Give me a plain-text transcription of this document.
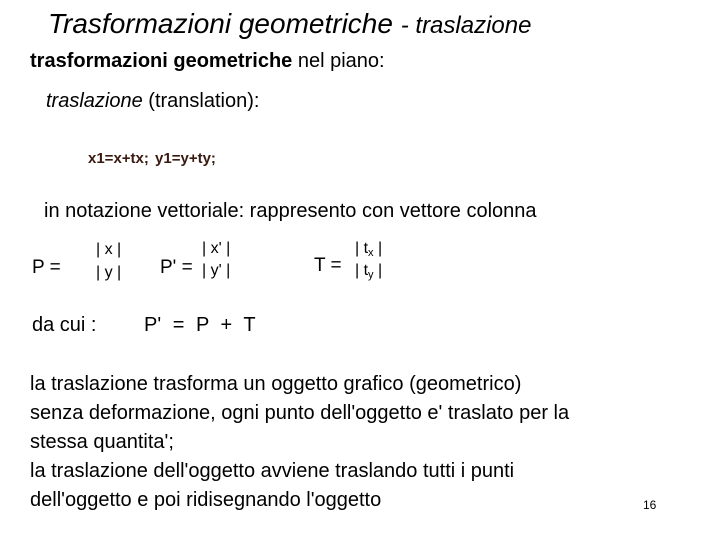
Trasformazioni geometriche - traslazione
trasformazioni geometriche nel piano:
traslazione (translation):
x1=x+tx; y1=y+ty;
in notazione vettoriale: rappresento con vettore colonna
P =
| x |
| y | P' =
| x' |
| y' |	T =
| tx |
| ty |
da cui : P' = P + T
la traslazione trasforma un oggetto grafico (geometrico)
senza deformazione, ogni punto dell'oggetto e' traslato per la
stessa quantita';
la traslazione dell'oggetto avviene traslando tutti i punti
dell'oggetto e poi ridisegnando l'oggetto	16
